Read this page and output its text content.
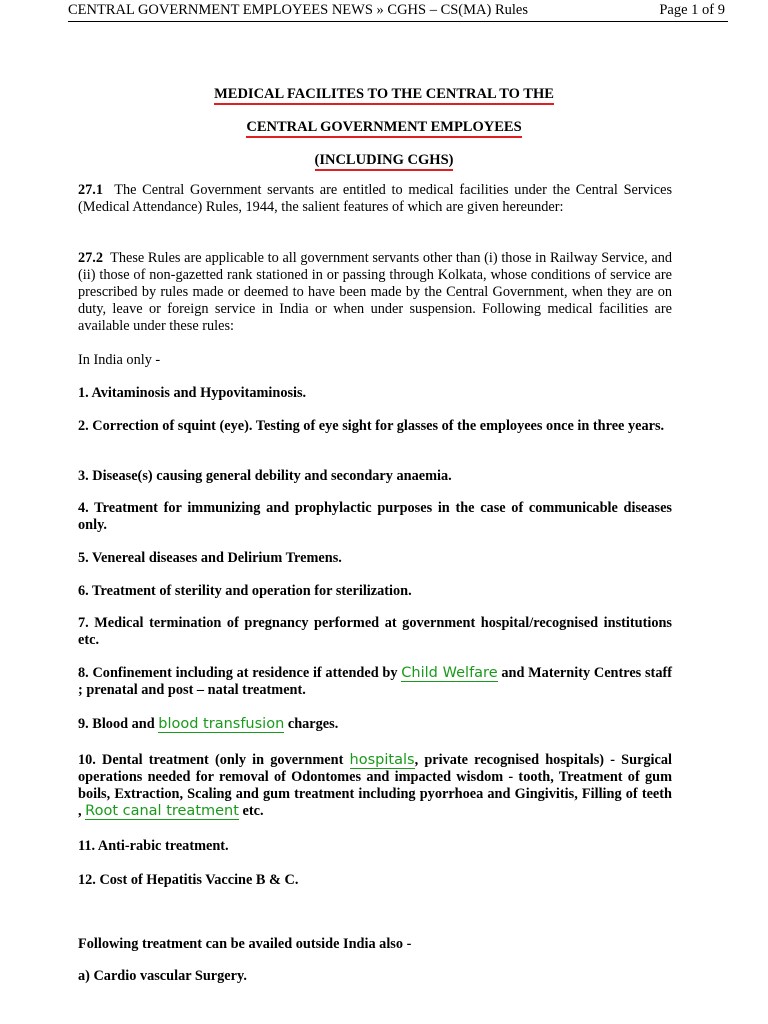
CENTRAL GOVERNMENT EMPLOYEES NEWS » CGHS – CS(MA) Rules	Page 1 of 9
MEDICAL FACILITES TO THE CENTRAL TO THE
CENTRAL GOVERNMENT EMPLOYEES
(INCLUDING CGHS)
27.1 The Central Government servants are entitled to medical facilities under the Central Services (Medical Attendance) Rules, 1944, the salient features of which are given hereunder:
27.2 These Rules are applicable to all government servants other than (i) those in Railway Service, and (ii) those of non-gazetted rank stationed in or passing through Kolkata, whose conditions of service are prescribed by rules made or deemed to have been made by the Central Government, when they are on duty, leave or foreign service in India or when under suspension. Following medical facilities are available under these rules:
In India only -
1. Avitaminosis and Hypovitaminosis.
2. Correction of squint (eye). Testing of eye sight for glasses of the employees once in three years.
3. Disease(s) causing general debility and secondary anaemia.
4. Treatment for immunizing and prophylactic purposes in the case of communicable diseases only.
5. Venereal diseases and Delirium Tremens.
6. Treatment of sterility and operation for sterilization.
7. Medical termination of pregnancy performed at government hospital/recognised institutions etc.
8. Confinement including at residence if attended by Child Welfare and Maternity Centres staff ; prenatal and post – natal treatment.
9. Blood and blood transfusion charges.
10. Dental treatment (only in government hospitals, private recognised hospitals) - Surgical operations needed for removal of Odontomes and impacted wisdom - tooth, Treatment of gum boils, Extraction, Scaling and gum treatment including pyorrhoea and Gingivitis, Filling of teeth , Root canal treatment etc.
11. Anti-rabic treatment.
12. Cost of Hepatitis Vaccine B & C.
Following treatment can be availed outside India also -
a) Cardio vascular Surgery.
